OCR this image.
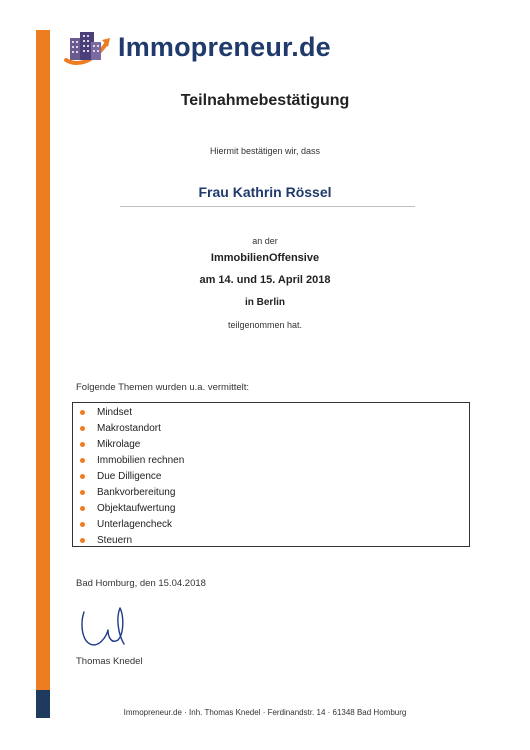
Immopreneur.de
Teilnahmebestätigung
Hiermit bestätigen wir, dass
Frau Kathrin Rössel
an der
ImmobilienOffensive
am 14. und 15. April 2018
in Berlin
teilgenommen hat.
Folgende Themen wurden u.a. vermittelt:
Mindset
Makrostandort
Mikrolage
Immobilien rechnen
Due Dilligence
Bankvorbereitung
Objektaufwertung
Unterlagencheck
Steuern
Bad Homburg, den 15.04.2018
Thomas Knedel
Immopreneur.de · Inh. Thomas Knedel · Ferdinandstr. 14 · 61348 Bad Homburg
